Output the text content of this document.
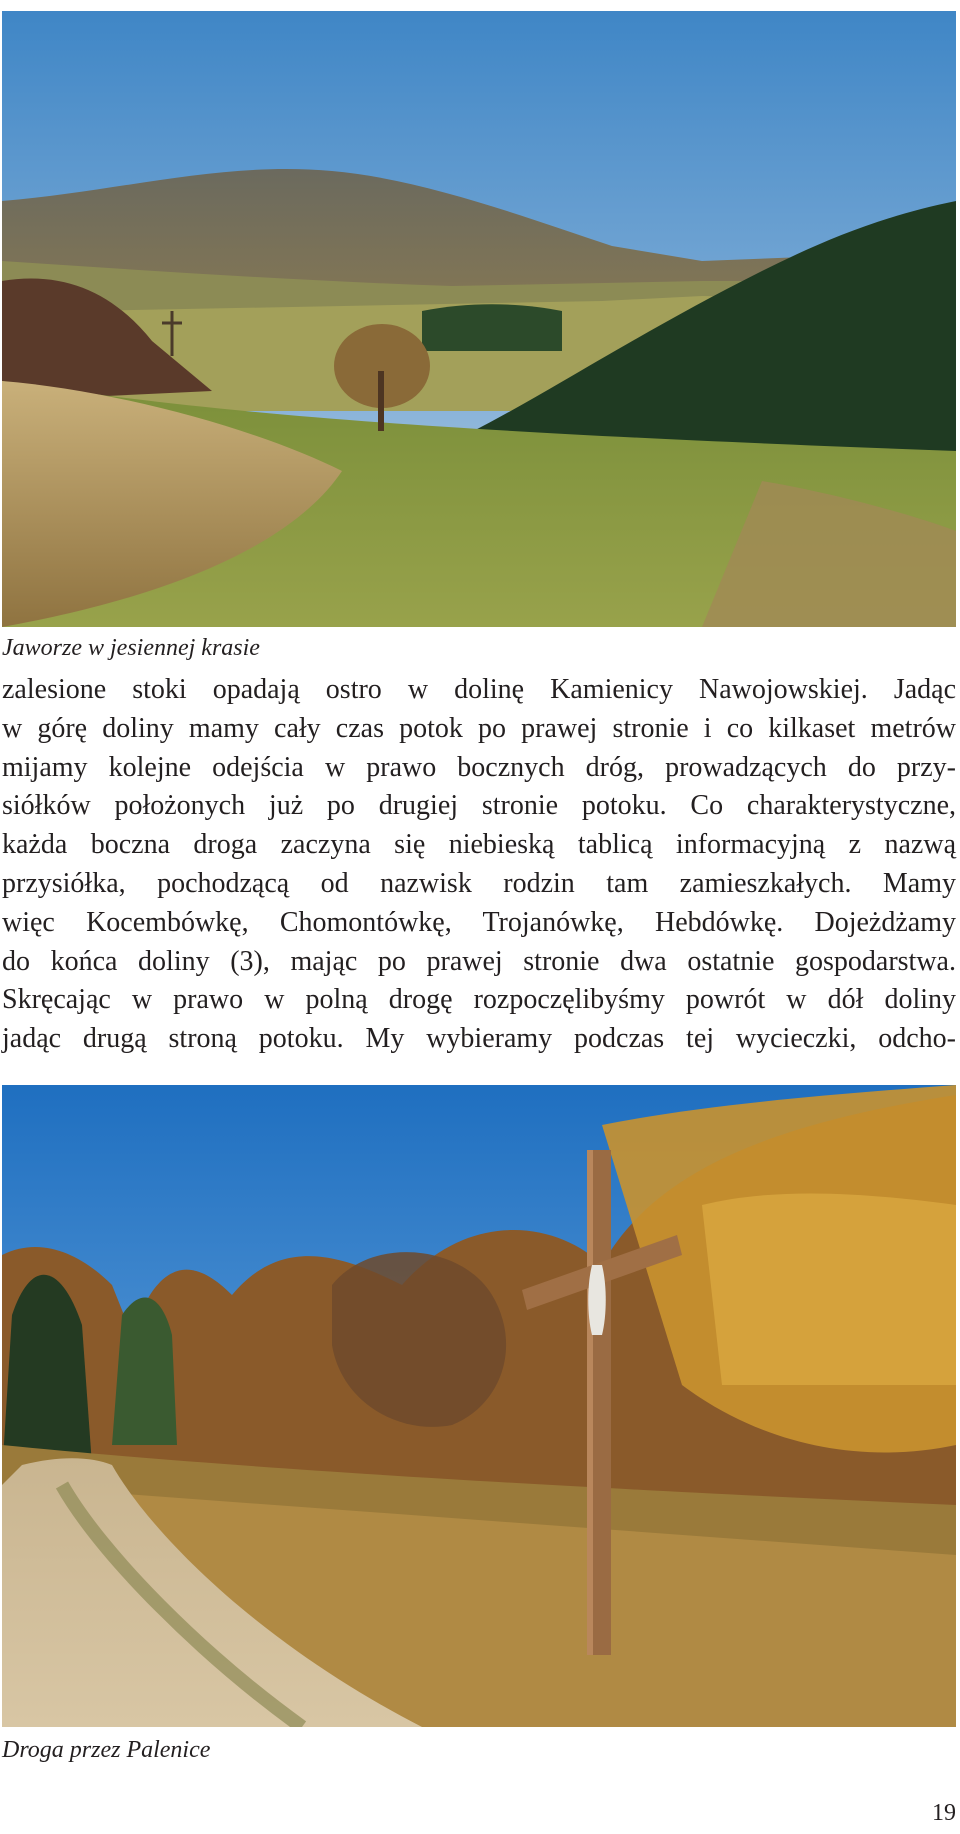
Jaworze w jesiennej krasie

zalesione stoki opadają ostro w dolinę Kamienicy Nawojowskiej. Jadąc
w górę doliny mamy cały czas potok po prawej stronie i co kilkaset metrów
mijamy kolejne odejścia w prawo bocznych dróg, prowadzących do przy-
siółków położonych już po drugiej stronie potoku. Co charakterystyczne,
każda boczna droga zaczyna się niebieską tablicą informacyjną z nazwą
przysiółka, pochodzącą od nazwisk rodzin tam zamieszkałych. Mamy
więc Kocembówkę, Chomontówkę, Trojanówkę, Hebdówkę. Dojeżdżamy
do końca doliny (3), mając po prawej stronie dwa ostatnie gospodarstwa.
Skręcając w prawo w polną drogę rozpoczęlibyśmy powrót w dół doliny
jadąc drugą stroną potoku. My wybieramy podczas tej wycieczki, odcho-

Droga przez Palenice

19
